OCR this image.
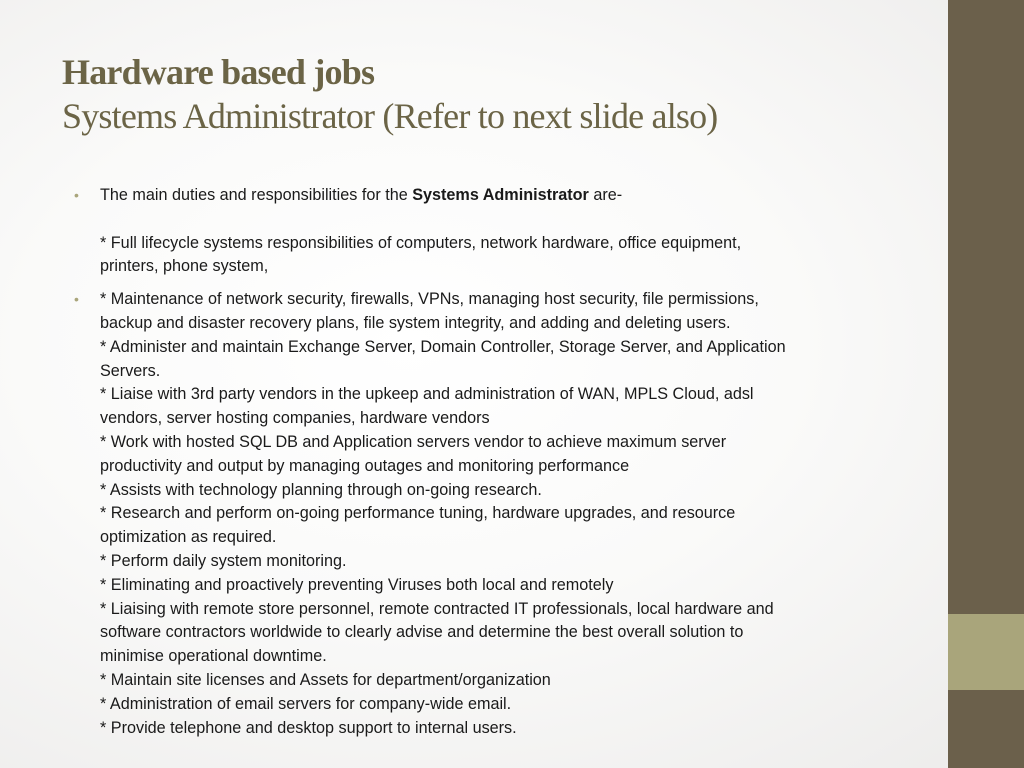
Hardware based jobs
Systems Administrator (Refer to next slide also)
• The main duties and responsibilities for the Systems Administrator are-
* Full lifecycle systems responsibilities of computers, network hardware, office equipment,
printers, phone system,
• * Maintenance of network security, firewalls, VPNs, managing host security, file permissions,
backup and disaster recovery plans, file system integrity, and adding and deleting users.
* Administer and maintain Exchange Server, Domain Controller, Storage Server, and Application
Servers.
* Liaise with 3rd party vendors in the upkeep and administration of WAN, MPLS Cloud, adsl
vendors, server hosting companies, hardware vendors
* Work with hosted SQL DB and Application servers vendor to achieve maximum server
productivity and output by managing outages and monitoring performance
* Assists with technology planning through on-going research.
* Research and perform on-going performance tuning, hardware upgrades, and resource
optimization as required.
* Perform daily system monitoring.
* Eliminating and proactively preventing Viruses both local and remotely
* Liaising with remote store personnel, remote contracted IT professionals, local hardware and
software contractors worldwide to clearly advise and determine the best overall solution to
minimise operational downtime.
* Maintain site licenses and Assets for department/organization
* Administration of email servers for company-wide email.
* Provide telephone and desktop support to internal users.
